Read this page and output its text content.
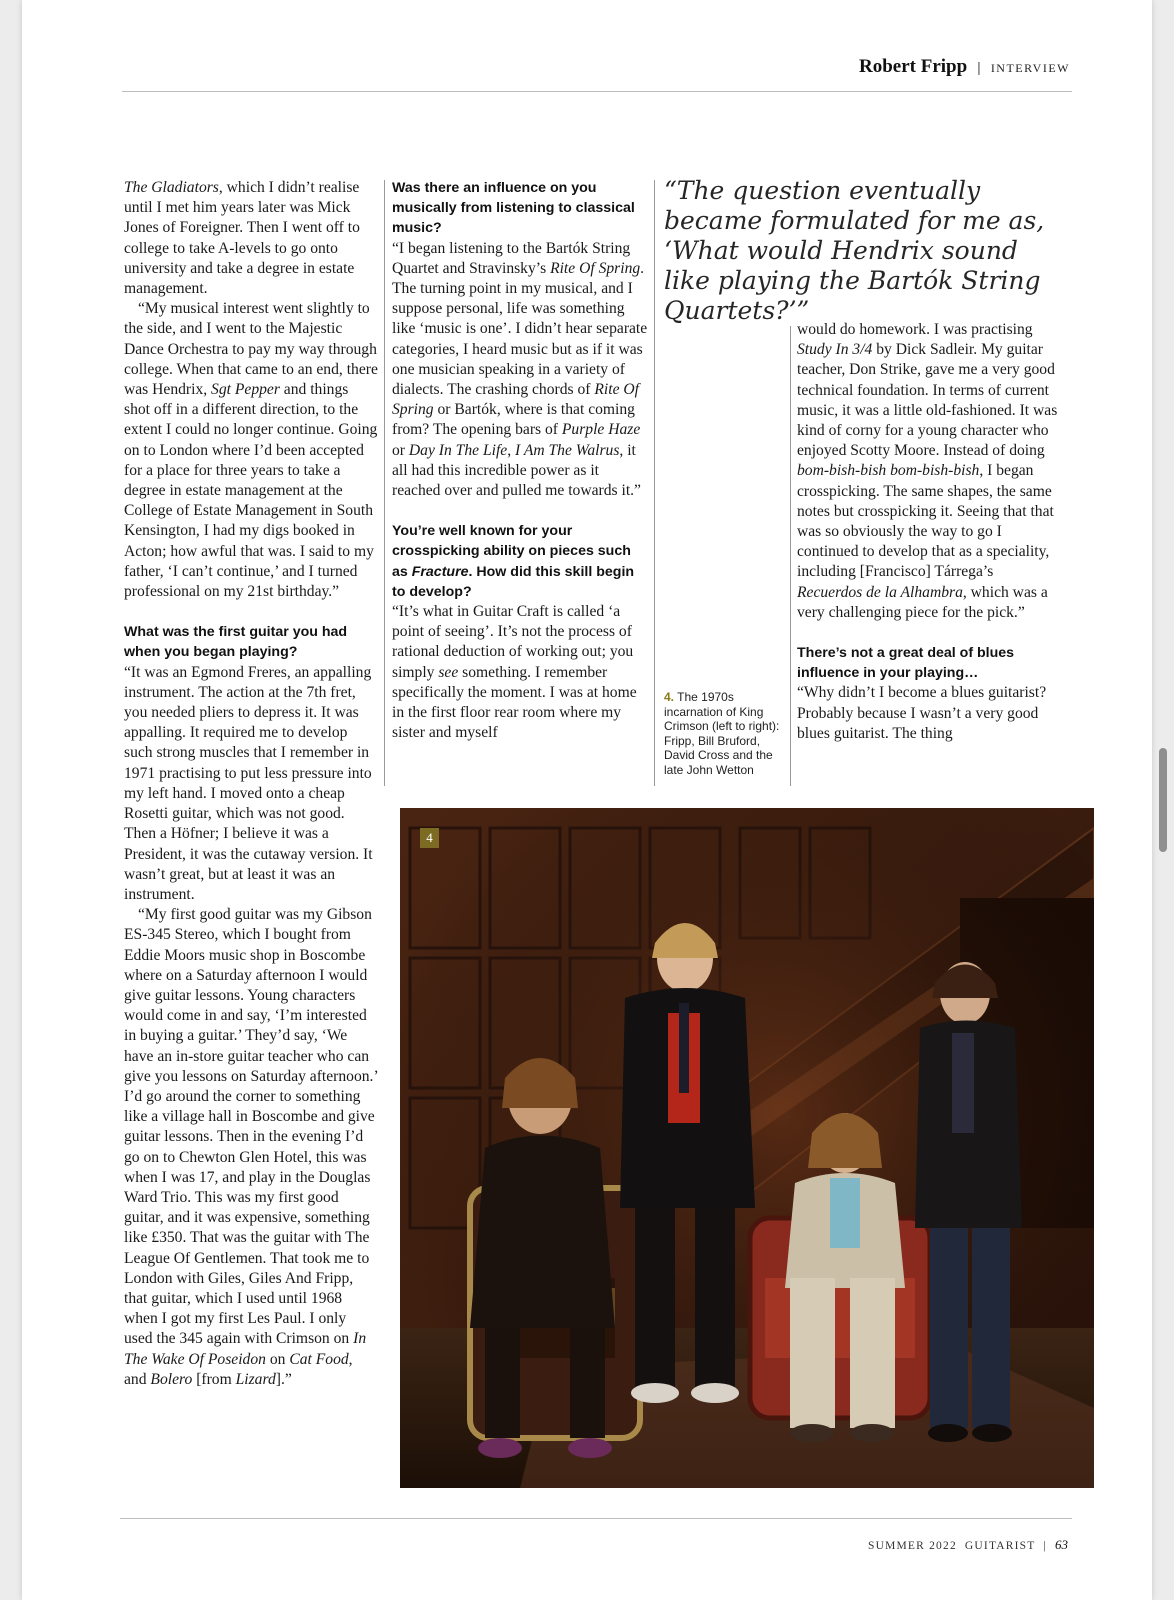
Robert Fripp | INTERVIEW

The Gladiators, which I didn’t realise until I met him years later was Mick Jones of Foreigner. Then I went off to college to take A-levels to go onto university and take a degree in estate management.

“My musical interest went slightly to the side, and I went to the Majestic Dance Orchestra to pay my way through college. When that came to an end, there was Hendrix, Sgt Pepper and things shot off in a different direction, to the extent I could no longer continue. Going on to London where I’d been accepted for a place for three years to take a degree in estate management at the College of Estate Management in South Kensington, I had my digs booked in Acton; how awful that was. I said to my father, ‘I can’t continue,’ and I turned professional on my 21st birthday.”

What was the first guitar you had when you began playing?

“It was an Egmond Freres, an appalling instrument. The action at the 7th fret, you needed pliers to depress it. It was appalling. It required me to develop such strong muscles that I remember in 1971 practising to put less pressure into my left hand. I moved onto a cheap Rosetti guitar, which was not good. Then a Höfner; I believe it was a President, it was the cutaway version. It wasn’t great, but at least it was an instrument.

“My first good guitar was my Gibson ES-345 Stereo, which I bought from Eddie Moors music shop in Boscombe where on a Saturday afternoon I would give guitar lessons. Young characters would come in and say, ‘I’m interested in buying a guitar.’ They’d say, ‘We have an in-store guitar teacher who can give you lessons on Saturday afternoon.’ I’d go around the corner to something like a village hall in Boscombe and give guitar lessons. Then in the evening I’d go on to Chewton Glen Hotel, this was when I was 17, and play in the Douglas Ward Trio. This was my first good guitar, and it was expensive, something like £350. That was the guitar with The League Of Gentlemen. That took me to London with Giles, Giles And Fripp, that guitar, which I used until 1968 when I got my first Les Paul. I only used the 345 again with Crimson on In The Wake Of Poseidon on Cat Food, and Bolero [from Lizard].”

Was there an influence on you musically from listening to classical music?

“I began listening to the Bartók String Quartet and Stravinsky’s Rite Of Spring. The turning point in my musical, and I suppose personal, life was something like ‘music is one’. I didn’t hear separate categories, I heard music but as if it was one musician speaking in a variety of dialects. The crashing chords of Rite Of Spring or Bartók, where is that coming from? The opening bars of Purple Haze or Day In The Life, I Am The Walrus, it all had this incredible power as it reached over and pulled me towards it.”

You’re well known for your crosspicking ability on pieces such as Fracture. How did this skill begin to develop?

“It’s what in Guitar Craft is called ‘a point of seeing’. It’s not the process of rational deduction of working out; you simply see something. I remember specifically the moment. I was at home in the first floor rear room where my sister and myself

“The question eventually became formulated for me as, ‘What would Hendrix sound like playing the Bartók String Quartets?’”
4. The 1970s incarnation of King Crimson (left to right): Fripp, Bill Bruford, David Cross and the late John Wetton

would do homework. I was practising Study In 3/4 by Dick Sadleir. My guitar teacher, Don Strike, gave me a very good technical foundation. In terms of current music, it was a little old-fashioned. It was kind of corny for a young character who enjoyed Scotty Moore. Instead of doing bom-bish-bish bom-bish-bish, I began crosspicking. The same shapes, the same notes but crosspicking it. Seeing that that was so obviously the way to go I continued to develop that as a speciality, including [Francisco] Tárrega’s Recuerdos de la Alhambra, which was a very challenging piece for the pick.”

There’s not a great deal of blues influence in your playing…

“Why didn’t I become a blues guitarist? Probably because I wasn’t a very good blues guitarist. The thing

4
SUMMER 2022 GUITARIST | 63
